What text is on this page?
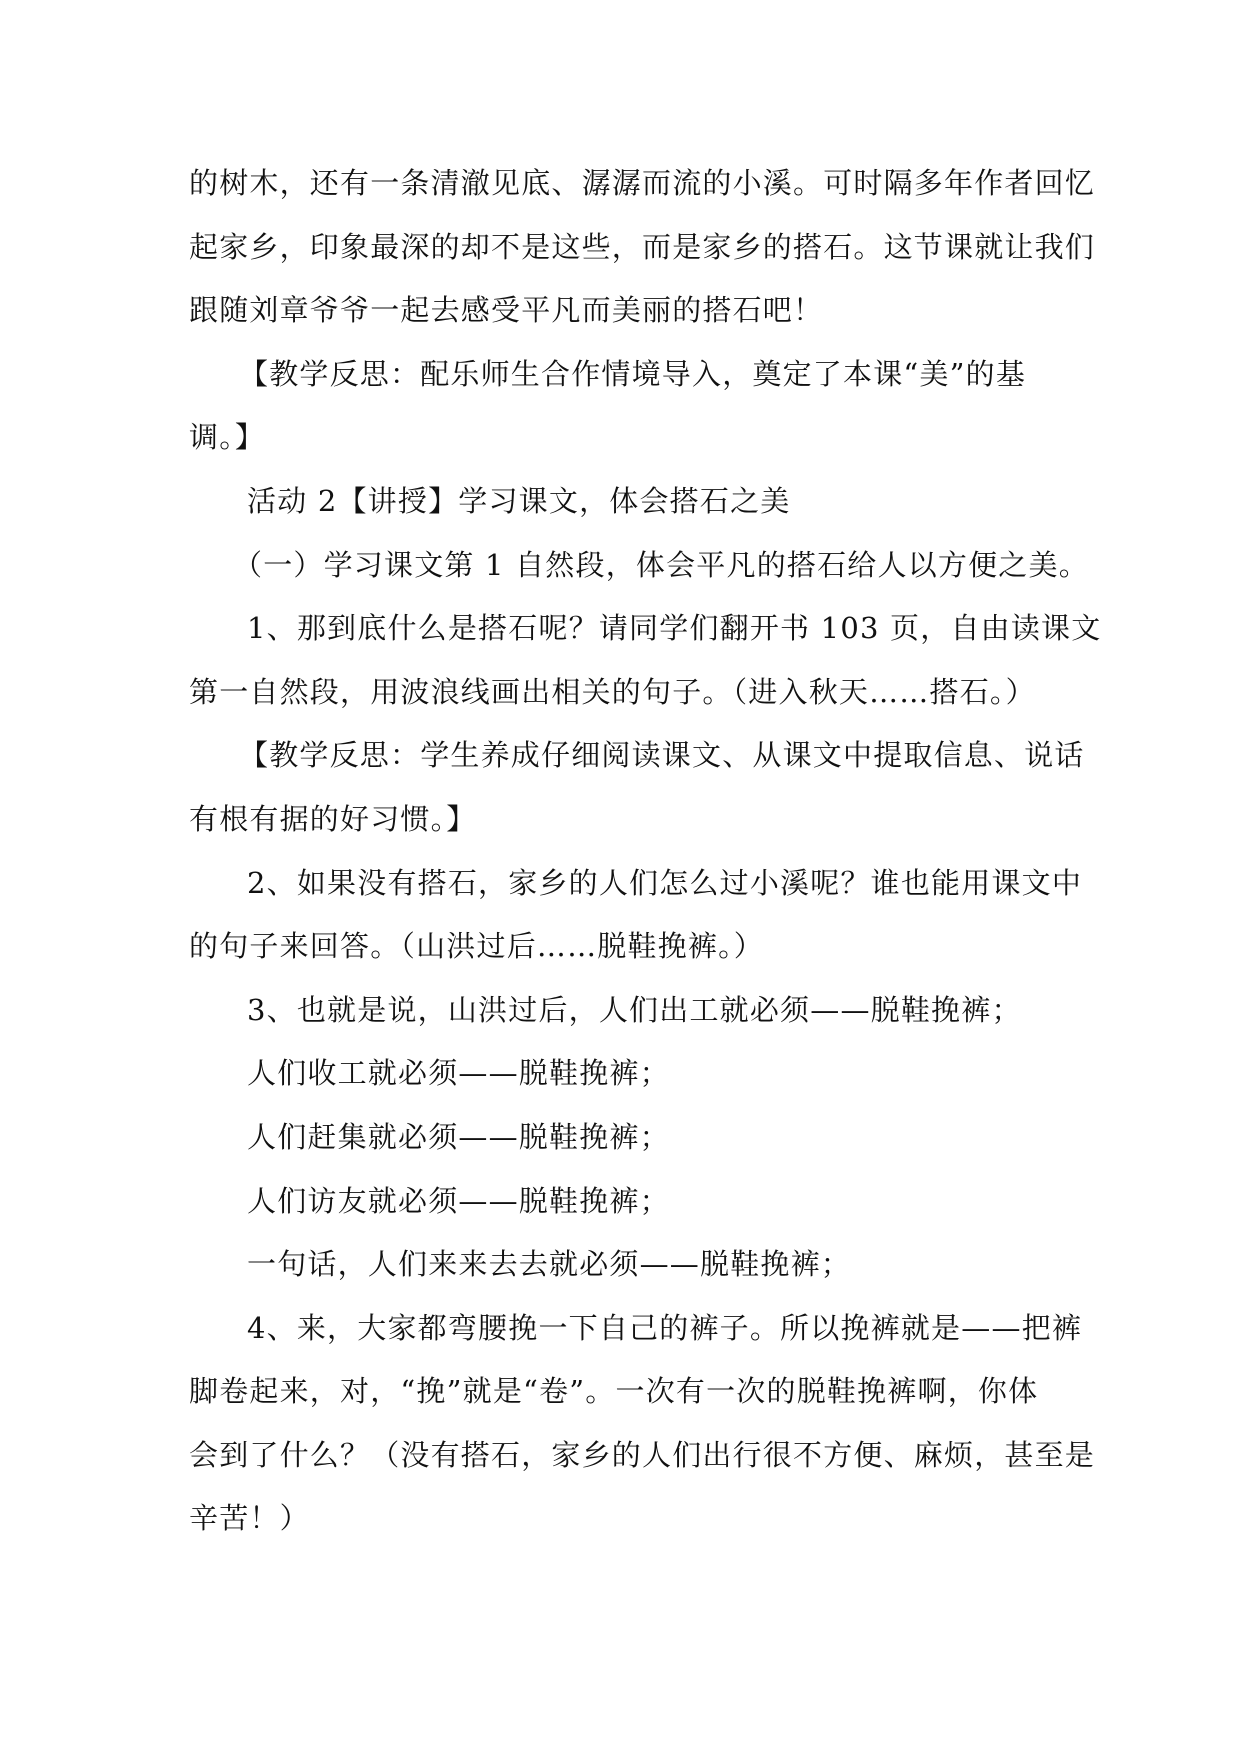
的树木，还有一条清澈见底、潺潺而流的小溪。可时隔多年作者回忆
起家乡，印象最深的却不是这些，而是家乡的搭石。这节课就让我们
跟随刘章爷爷一起去感受平凡而美丽的搭石吧！
【教学反思：配乐师生合作情境导入，奠定了本课“美”的基
调。】
活动 2【讲授】学习课文，体会搭石之美
（一）学习课文第 1 自然段，体会平凡的搭石给人以方便之美。
1、那到底什么是搭石呢？请同学们翻开书 103 页，自由读课文
第一自然段，用波浪线画出相关的句子。（进入秋天……搭石。）
【教学反思：学生养成仔细阅读课文、从课文中提取信息、说话
有根有据的好习惯。】
2、如果没有搭石，家乡的人们怎么过小溪呢？谁也能用课文中
的句子来回答。（山洪过后……脱鞋挽裤。）
3、也就是说，山洪过后，人们出工就必须——脱鞋挽裤；
人们收工就必须——脱鞋挽裤；
人们赶集就必须——脱鞋挽裤；
人们访友就必须——脱鞋挽裤；
一句话，人们来来去去就必须——脱鞋挽裤；
4、来，大家都弯腰挽一下自己的裤子。所以挽裤就是——把裤
脚卷起来，对，“挽”就是“卷”。一次有一次的脱鞋挽裤啊，你体
会到了什么？（没有搭石，家乡的人们出行很不方便、麻烦，甚至是
辛苦！）
